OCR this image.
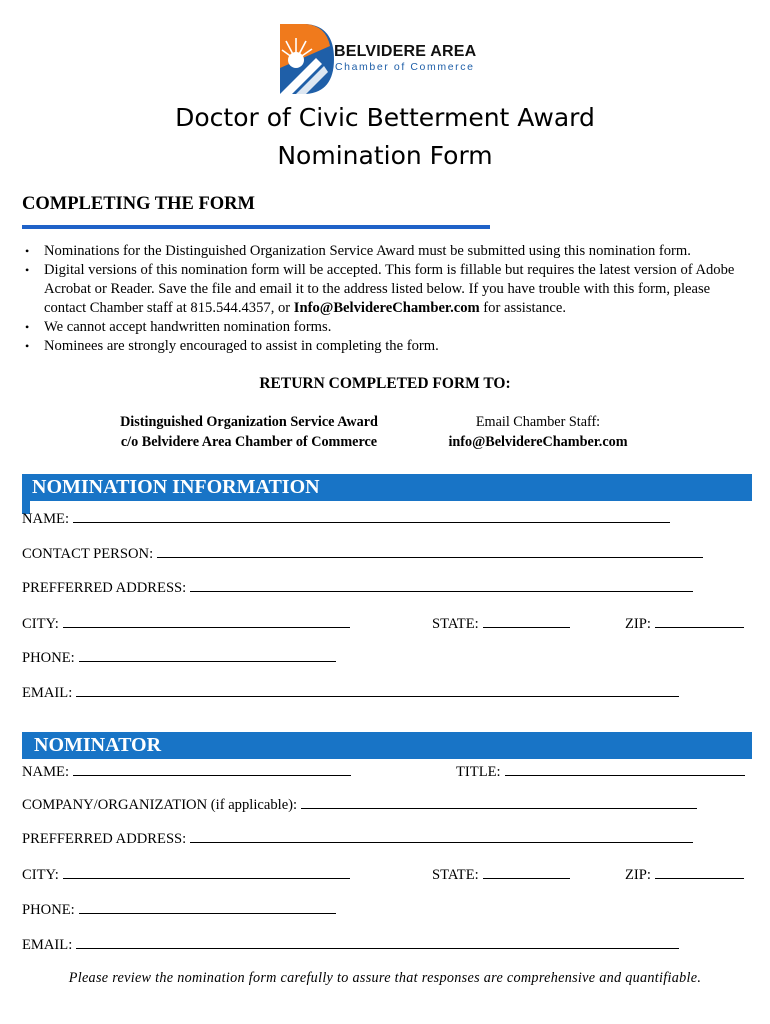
BELVIDERE AREA
Chamber of Commerce
Doctor of Civic Betterment Award
Nomination Form
COMPLETING THE FORM
• Nominations for the Distinguished Organization Service Award must be submitted using this nomination form.
• Digital versions of this nomination form will be accepted. This form is fillable but requires the latest version of Adobe Acrobat or Reader. Save the file and email it to the address listed below. If you have trouble with this form, please contact Chamber staff at 815.544.4357, or Info@BelvidereChamber.com for assistance.
• We cannot accept handwritten nomination forms.
• Nominees are strongly encouraged to assist in completing the form.
RETURN COMPLETED FORM TO:
Distinguished Organization Service Award
c/o Belvidere Area Chamber of Commerce
Email Chamber Staff:
info@BelvidereChamber.com
NOMINATION INFORMATION
NAME:
CONTACT PERSON:
PREFFERRED ADDRESS:
CITY:	STATE:	ZIP:
PHONE:
EMAIL:
NOMINATOR
NAME:	TITLE:
COMPANY/ORGANIZATION (if applicable):
PREFFERRED ADDRESS:
CITY:	STATE:	ZIP:
PHONE:
EMAIL:
Please review the nomination form carefully to assure that responses are comprehensive and quantifiable.
